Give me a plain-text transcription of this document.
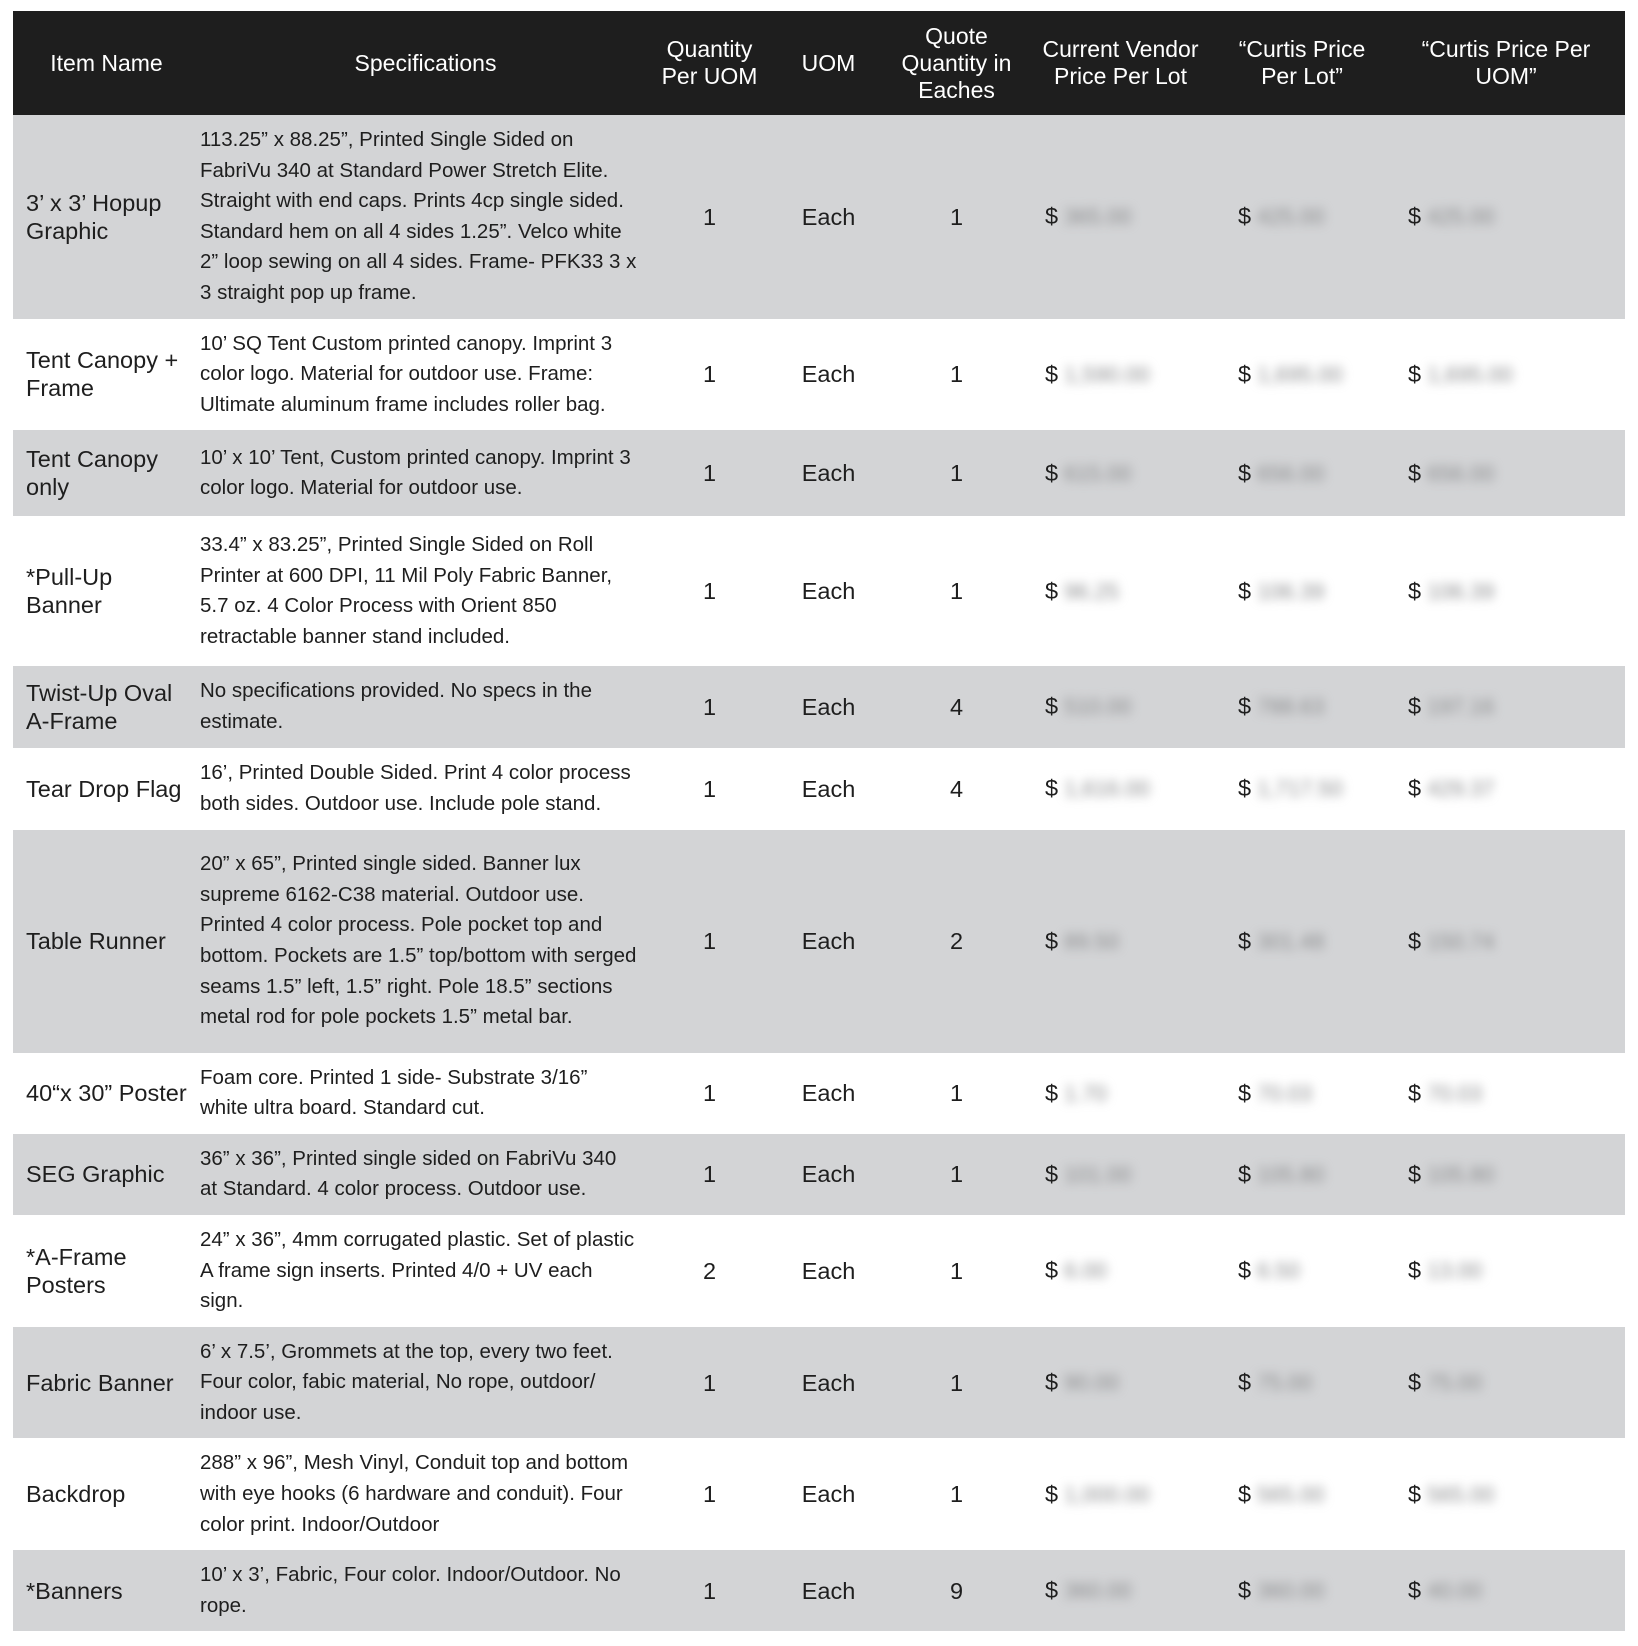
Item Name	Specifications	Quantity Per UOM	UOM	Quote Quantity in Eaches	Current Vendor Price Per Lot	“Curtis Price Per Lot”	“Curtis Price Per UOM”
3’ x 3’ Hopup Graphic	113.25” x 88.25”, Printed Single Sided on FabriVu 340 at Standard Power Stretch Elite. Straight with end caps. Prints 4cp single sided. Standard hem on all 4 sides 1.25”. Velco white 2” loop sewing on all 4 sides. Frame- PFK33 3 x 3 straight pop up frame.	1	Each	1	$ 365.00	$ 425.00	$ 425.00
Tent Canopy + Frame	10’ SQ Tent Custom printed canopy. Imprint 3 color logo. Material for outdoor use. Frame: Ultimate aluminum frame includes roller bag.	1	Each	1	$ 1,590.00	$ 1,695.00	$ 1,695.00
Tent Canopy only	10’ x 10’ Tent, Custom printed canopy. Imprint 3 color logo. Material for outdoor use.	1	Each	1	$ 615.00	$ 656.00	$ 656.00
*Pull-Up Banner	33.4” x 83.25”, Printed Single Sided on Roll Printer at 600 DPI, 11 Mil Poly Fabric Banner, 5.7 oz. 4 Color Process with Orient 850 retractable banner stand included.	1	Each	1	$ 96.25	$ 106.39	$ 106.39
Twist-Up Oval A-Frame	No specifications provided. No specs in the estimate.	1	Each	4	$ 510.00	$ 788.63	$ 197.16
Tear Drop Flag	16’, Printed Double Sided. Print 4 color process both sides. Outdoor use. Include pole stand.	1	Each	4	$ 1,616.00	$ 1,717.50	$ 429.37
Table Runner	20” x 65”, Printed single sided. Banner lux supreme 6162-C38 material. Outdoor use. Printed 4 color process. Pole pocket top and bottom. Pockets are 1.5” top/bottom with serged seams 1.5” left, 1.5” right. Pole 18.5” sections metal rod for pole pockets 1.5” metal bar.	1	Each	2	$ 89.50	$ 301.48	$ 150.74
40“x 30” Poster	Foam core. Printed 1 side- Substrate 3/16” white ultra board. Standard cut.	1	Each	1	$ 1.70	$ 70.03	$ 70.03
SEG Graphic	36” x 36”, Printed single sided on FabriVu 340 at Standard. 4 color process. Outdoor use.	1	Each	1	$ 101.00	$ 105.80	$ 105.80
*A-Frame Posters	24” x 36”, 4mm corrugated plastic. Set of plastic A frame sign inserts. Printed 4/0 + UV each sign.	2	Each	1	$ 6.00	$ 6.50	$ 13.00
Fabric Banner	6’ x 7.5’, Grommets at the top, every two feet. Four color, fabic material, No rope, outdoor/ indoor use.	1	Each	1	$ 90.00	$ 75.00	$ 75.00
Backdrop	288” x 96”, Mesh Vinyl, Conduit top and bottom with eye hooks (6 hardware and conduit). Four color print. Indoor/Outdoor	1	Each	1	$ 1,000.00	$ 565.00	$ 565.00
*Banners	10’ x 3’, Fabric, Four color. Indoor/Outdoor. No rope.	1	Each	9	$ 360.00	$ 360.00	$ 40.00
